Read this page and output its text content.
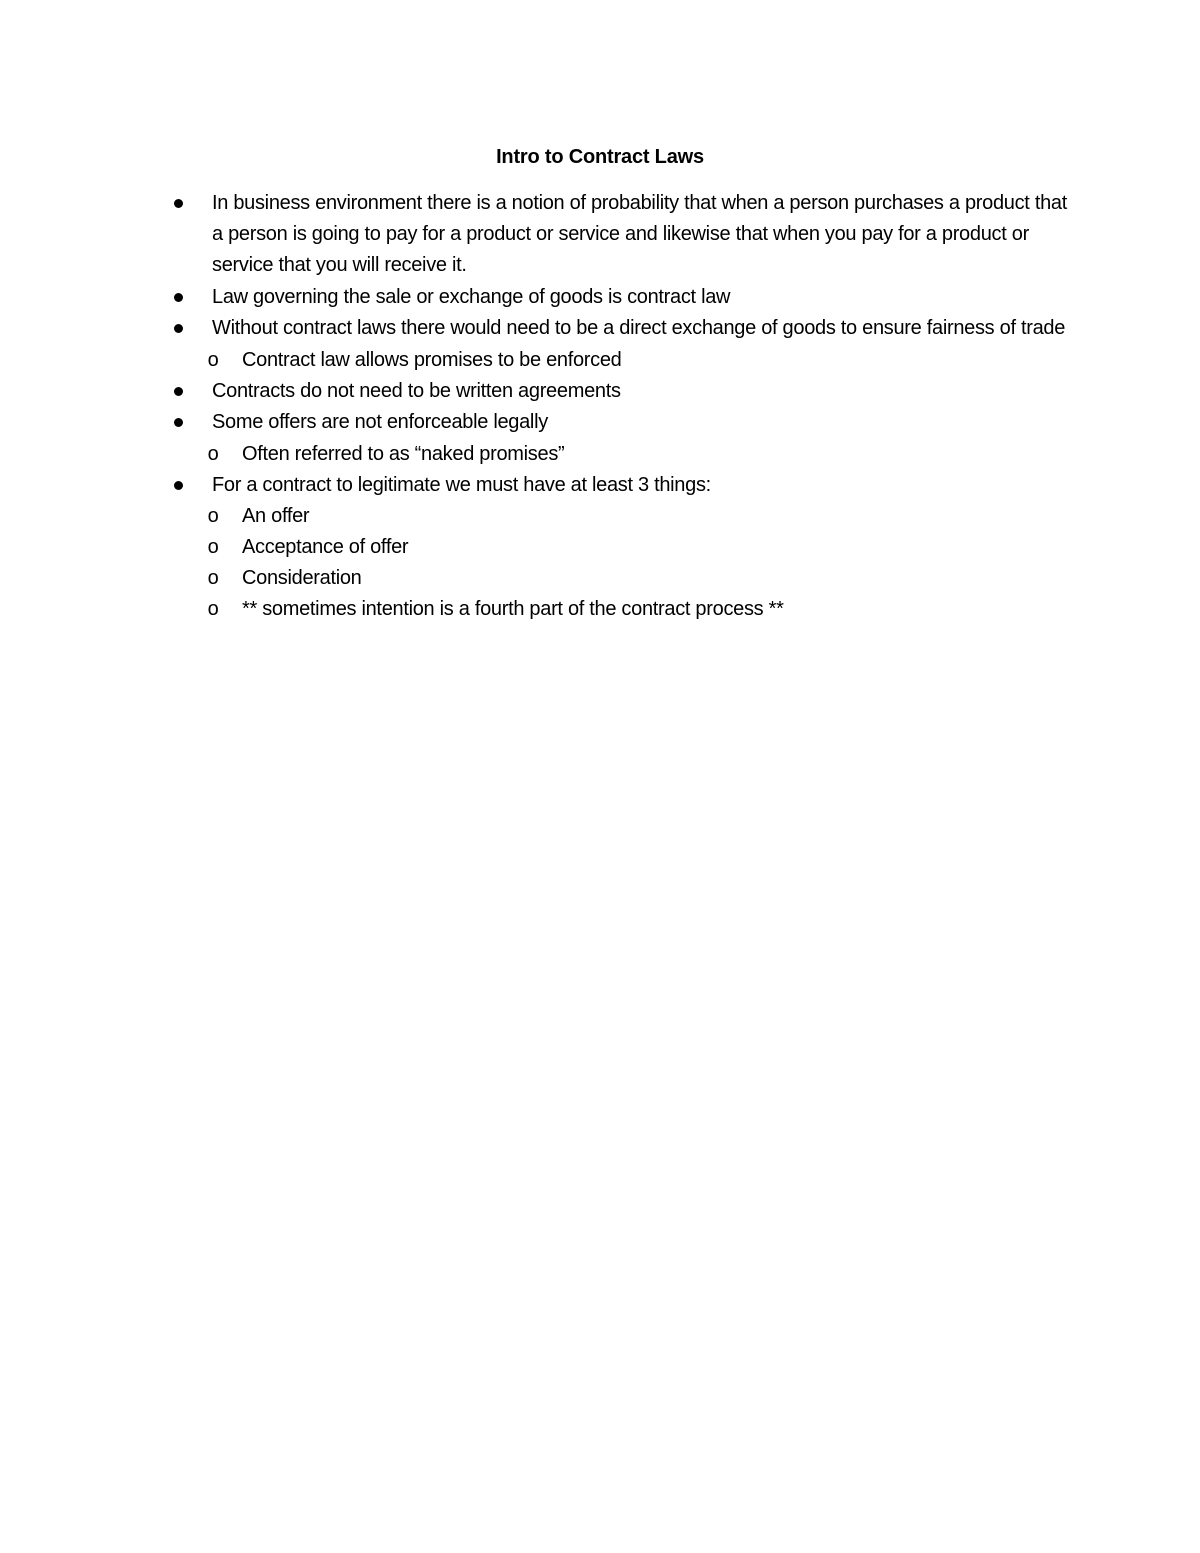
Intro to Contract Laws
In business environment there is a notion of probability that when a person purchases a product that a person is going to pay for a product or service and likewise that when you pay for a product or service that you will receive it.
Law governing the sale or exchange of goods is contract law
Without contract laws there would need to be a direct exchange of goods to ensure fairness of trade
o Contract law allows promises to be enforced
Contracts do not need to be written agreements
Some offers are not enforceable legally
o Often referred to as “naked promises”
For a contract to legitimate we must have at least 3 things:
o An offer
o Acceptance of offer
o Consideration
o ** sometimes intention is a fourth part of the contract process **
